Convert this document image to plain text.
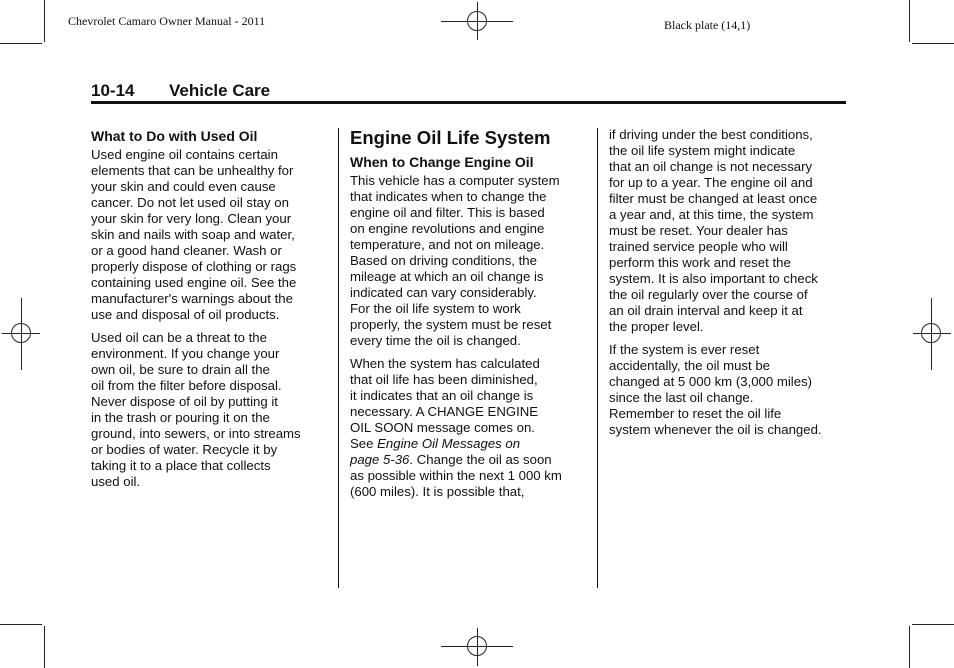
Chevrolet Camaro Owner Manual - 2011	Black plate (14,1)
10-14 Vehicle Care
What to Do with Used Oil

Used engine oil contains certain
elements that can be unhealthy for
your skin and could even cause
cancer. Do not let used oil stay on
your skin for very long. Clean your
skin and nails with soap and water,
or a good hand cleaner. Wash or
properly dispose of clothing or rags
containing used engine oil. See the
manufacturer's warnings about the
use and disposal of oil products.

Used oil can be a threat to the
environment. If you change your
own oil, be sure to drain all the
oil from the filter before disposal.
Never dispose of oil by putting it
in the trash or pouring it on the
ground, into sewers, or into streams
or bodies of water. Recycle it by
taking it to a place that collects
used oil.

Engine Oil Life System
When to Change Engine Oil

This vehicle has a computer system
that indicates when to change the
engine oil and filter. This is based
on engine revolutions and engine
temperature, and not on mileage.
Based on driving conditions, the
mileage at which an oil change is
indicated can vary considerably.
For the oil life system to work
properly, the system must be reset
every time the oil is changed.

When the system has calculated
that oil life has been diminished,
it indicates that an oil change is
necessary. A CHANGE ENGINE
OIL SOON message comes on.
See Engine Oil Messages on
page 5-36. Change the oil as soon
as possible within the next 1 000 km
(600 miles). It is possible that,

if driving under the best conditions,
the oil life system might indicate
that an oil change is not necessary
for up to a year. The engine oil and
filter must be changed at least once
a year and, at this time, the system
must be reset. Your dealer has
trained service people who will
perform this work and reset the
system. It is also important to check
the oil regularly over the course of
an oil drain interval and keep it at
the proper level.

If the system is ever reset
accidentally, the oil must be
changed at 5 000 km (3,000 miles)
since the last oil change.
Remember to reset the oil life
system whenever the oil is changed.
